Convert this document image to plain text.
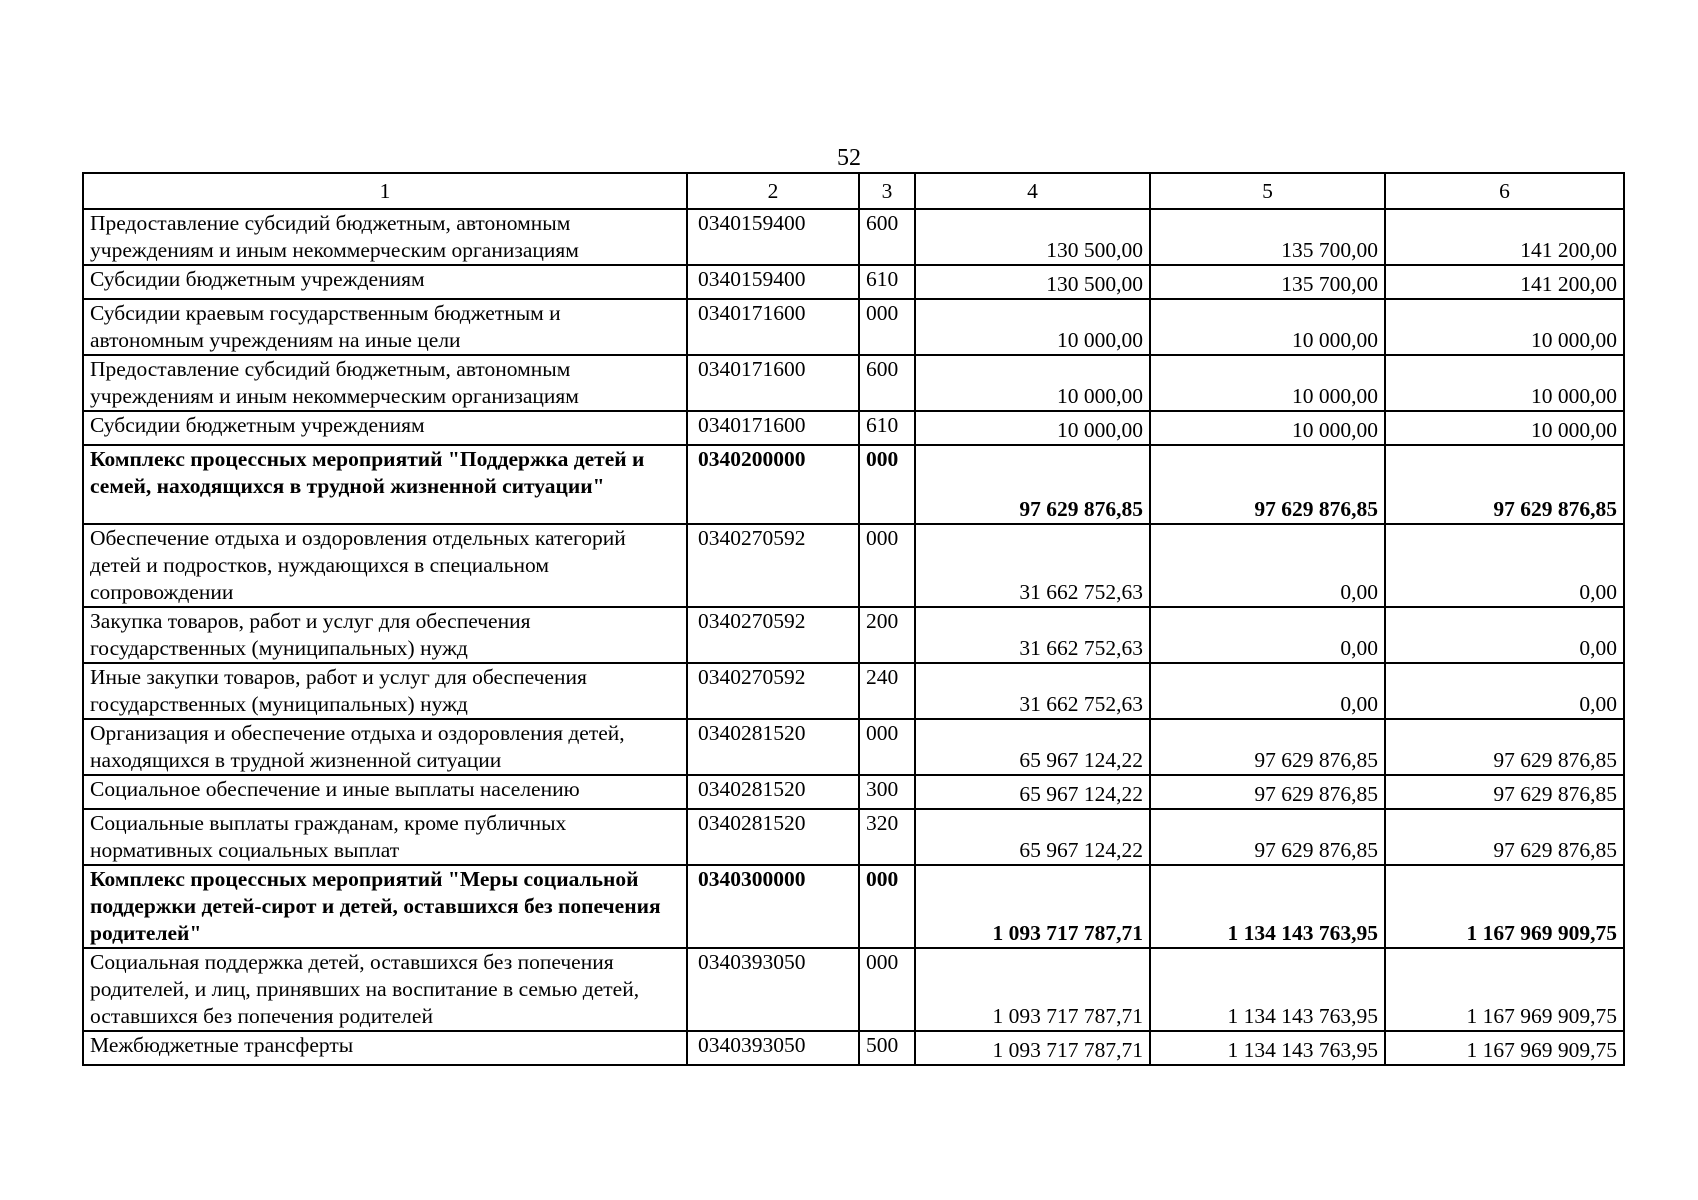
52
1	2	3	4	5	6
Предоставление субсидий бюджетным, автономным учреждениям и иным некоммерческим организациям	0340159400	600	130 500,00	135 700,00	141 200,00
Субсидии бюджетным учреждениям	0340159400	610	130 500,00	135 700,00	141 200,00
Субсидии краевым государственным бюджетным и автономным учреждениям на иные цели	0340171600	000	10 000,00	10 000,00	10 000,00
Предоставление субсидий бюджетным, автономным учреждениям и иным некоммерческим организациям	0340171600	600	10 000,00	10 000,00	10 000,00
Субсидии бюджетным учреждениям	0340171600	610	10 000,00	10 000,00	10 000,00
Комплекс процессных мероприятий "Поддержка детей и семей, находящихся в трудной жизненной ситуации"	0340200000	000	97 629 876,85	97 629 876,85	97 629 876,85
Обеспечение отдыха и оздоровления отдельных категорий детей и подростков, нуждающихся в специальном сопровождении	0340270592	000	31 662 752,63	0,00	0,00
Закупка товаров, работ и услуг для обеспечения государственных (муниципальных) нужд	0340270592	200	31 662 752,63	0,00	0,00
Иные закупки товаров, работ и услуг для обеспечения государственных (муниципальных) нужд	0340270592	240	31 662 752,63	0,00	0,00
Организация и обеспечение отдыха и оздоровления детей, находящихся в трудной жизненной ситуации	0340281520	000	65 967 124,22	97 629 876,85	97 629 876,85
Социальное обеспечение и иные выплаты населению	0340281520	300	65 967 124,22	97 629 876,85	97 629 876,85
Социальные выплаты гражданам, кроме публичных нормативных социальных выплат	0340281520	320	65 967 124,22	97 629 876,85	97 629 876,85
Комплекс процессных мероприятий "Меры социальной поддержки детей-сирот и детей, оставшихся без попечения родителей"	0340300000	000	1 093 717 787,71	1 134 143 763,95	1 167 969 909,75
Социальная поддержка детей, оставшихся без попечения родителей, и лиц, принявших на воспитание в семью детей, оставшихся без попечения родителей	0340393050	000	1 093 717 787,71	1 134 143 763,95	1 167 969 909,75
Межбюджетные трансферты	0340393050	500	1 093 717 787,71	1 134 143 763,95	1 167 969 909,75
